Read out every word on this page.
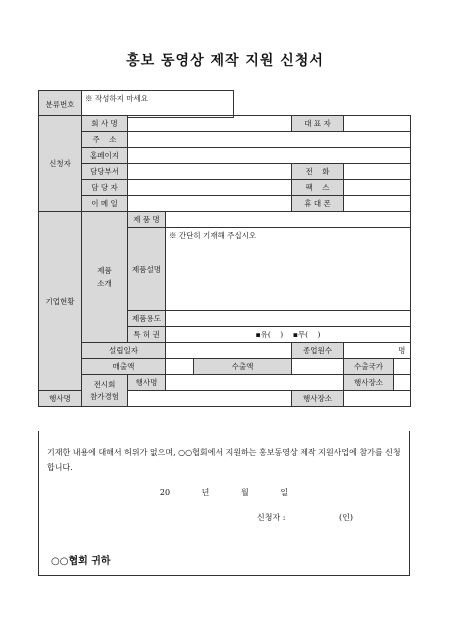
홍보 동영상 제작 지원 신청서
분류번호	※ 작성하지 마세요
신청자	회 사 명				대 표 자		
	주    소						
	홈페이지						
	담당부서				전    화		
	담 당 자				팩    스		
	이 메 일				휴 대 폰		
기업현황	제품
소개	제 품 명					
		제품설명	※ 간단히 기재해 주십시오				
		제품용도					
		특 허 권	▪유(    )    ▪무(    )				

	설립일자				종업원수		명
	매출액			수출액		수출국가	
	전시회
참가경험	행사명				행사장소	
행사명					행사장소		
기재한 내용에 대해서 허위가 없으며, ○○협회에서 지원하는 홍보동영상 제작 지원사업에 참가를 신청합니다.
20   년   월   일
신청자 :	(인)
○○협회 귀하
